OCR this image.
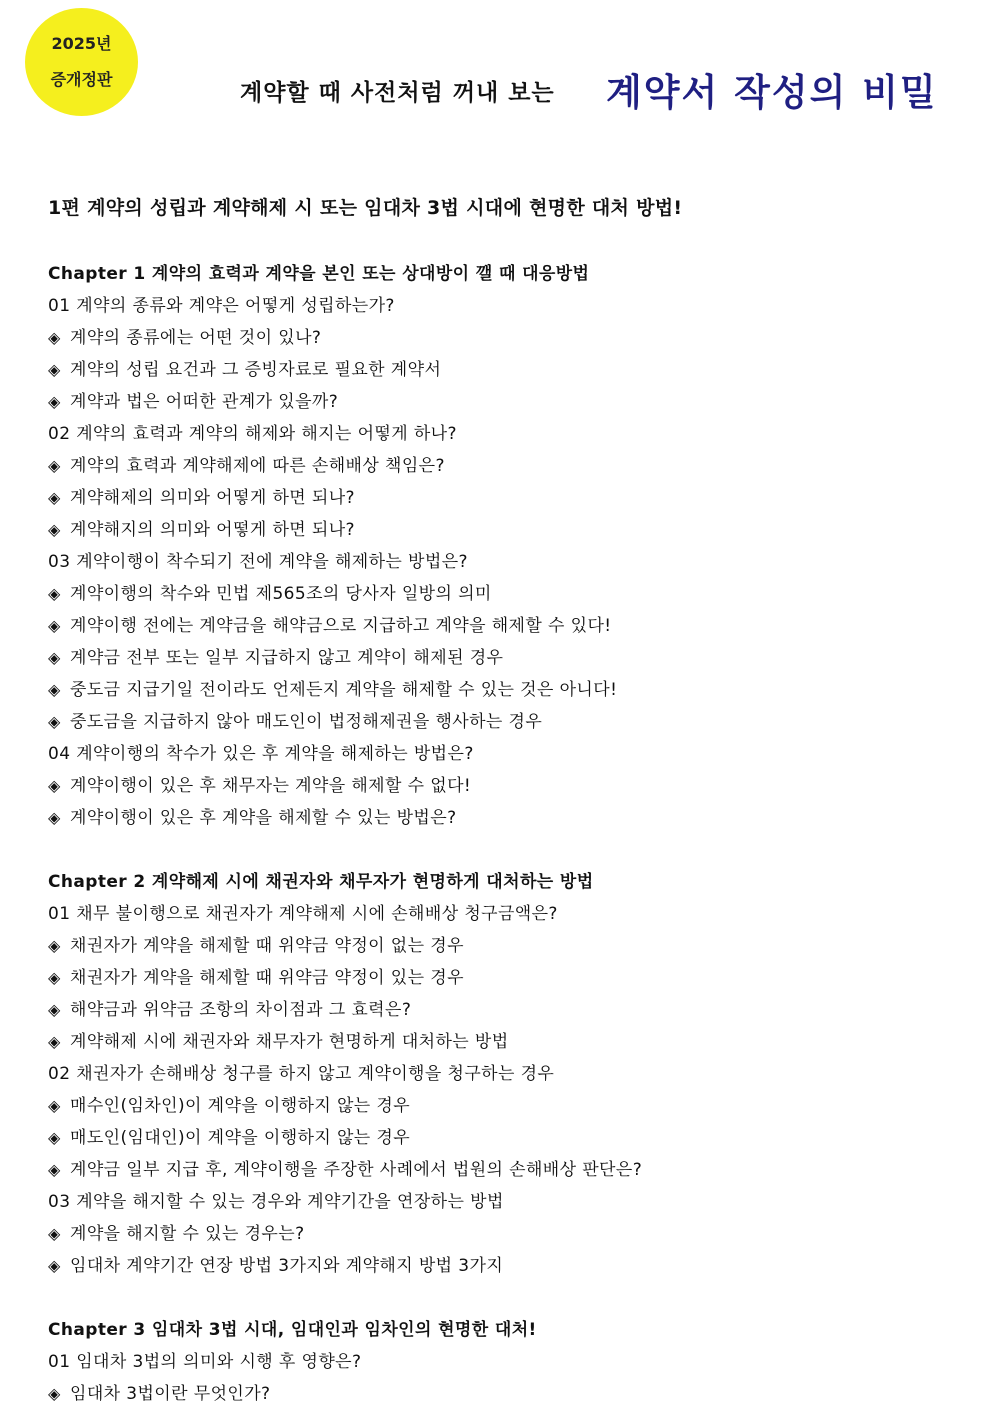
2025년
증개정판
계약할 때 사전처럼 꺼내 보는 계약서 작성의 비밀
1편 계약의 성립과 계약해제 시 또는 임대차 3법 시대에 현명한 대처 방법!
Chapter 1 계약의 효력과 계약을 본인 또는 상대방이 깰 때 대응방법
01 계약의 종류와 계약은 어떻게 성립하는가?
◈ 계약의 종류에는 어떤 것이 있나?
◈ 계약의 성립 요건과 그 증빙자료로 필요한 계약서
◈ 계약과 법은 어떠한 관계가 있을까?
02 계약의 효력과 계약의 해제와 해지는 어떻게 하나?
◈ 계약의 효력과 계약해제에 따른 손해배상 책임은?
◈ 계약해제의 의미와 어떻게 하면 되나?
◈ 계약해지의 의미와 어떻게 하면 되나?
03 계약이행이 착수되기 전에 계약을 해제하는 방법은?
◈ 계약이행의 착수와 민법 제565조의 당사자 일방의 의미
◈ 계약이행 전에는 계약금을 해약금으로 지급하고 계약을 해제할 수 있다!
◈ 계약금 전부 또는 일부 지급하지 않고 계약이 해제된 경우
◈ 중도금 지급기일 전이라도 언제든지 계약을 해제할 수 있는 것은 아니다!
◈ 중도금을 지급하지 않아 매도인이 법정해제권을 행사하는 경우
04 계약이행의 착수가 있은 후 계약을 해제하는 방법은?
◈ 계약이행이 있은 후 채무자는 계약을 해제할 수 없다!
◈ 계약이행이 있은 후 계약을 해제할 수 있는 방법은?
Chapter 2 계약해제 시에 채권자와 채무자가 현명하게 대처하는 방법
01 채무 불이행으로 채권자가 계약해제 시에 손해배상 청구금액은?
◈ 채권자가 계약을 해제할 때 위약금 약정이 없는 경우
◈ 채권자가 계약을 해제할 때 위약금 약정이 있는 경우
◈ 해약금과 위약금 조항의 차이점과 그 효력은?
◈ 계약해제 시에 채권자와 채무자가 현명하게 대처하는 방법
02 채권자가 손해배상 청구를 하지 않고 계약이행을 청구하는 경우
◈ 매수인(임차인)이 계약을 이행하지 않는 경우
◈ 매도인(임대인)이 계약을 이행하지 않는 경우
◈ 계약금 일부 지급 후, 계약이행을 주장한 사례에서 법원의 손해배상 판단은?
03 계약을 해지할 수 있는 경우와 계약기간을 연장하는 방법
◈ 계약을 해지할 수 있는 경우는?
◈ 임대차 계약기간 연장 방법 3가지와 계약해지 방법 3가지
Chapter 3 임대차 3법 시대, 임대인과 임차인의 현명한 대처!
01 임대차 3법의 의미와 시행 후 영향은?
◈ 임대차 3법이란 무엇인가?
